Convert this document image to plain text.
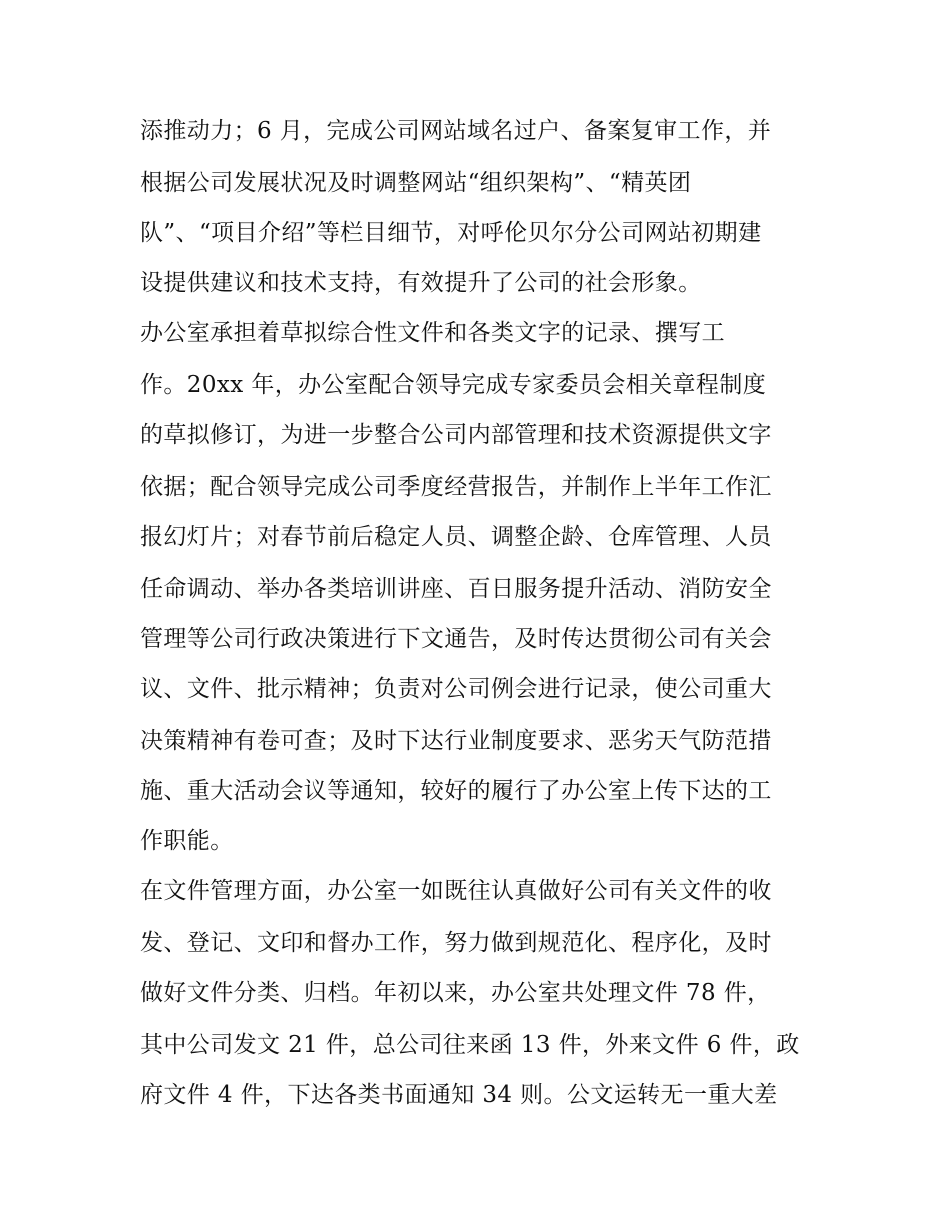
添推动力；6 月，完成公司网站域名过户、备案复审工作，并
根据公司发展状况及时调整网站“组织架构”、“精英团
队”、“项目介绍”等栏目细节，对呼伦贝尔分公司网站初期建
设提供建议和技术支持，有效提升了公司的社会形象。
办公室承担着草拟综合性文件和各类文字的记录、撰写工
作。20xx 年，办公室配合领导完成专家委员会相关章程制度
的草拟修订，为进一步整合公司内部管理和技术资源提供文字
依据；配合领导完成公司季度经营报告，并制作上半年工作汇
报幻灯片；对春节前后稳定人员、调整企龄、仓库管理、人员
任命调动、举办各类培训讲座、百日服务提升活动、消防安全
管理等公司行政决策进行下文通告，及时传达贯彻公司有关会
议、文件、批示精神；负责对公司例会进行记录，使公司重大
决策精神有卷可查；及时下达行业制度要求、恶劣天气防范措
施、重大活动会议等通知，较好的履行了办公室上传下达的工
作职能。
在文件管理方面，办公室一如既往认真做好公司有关文件的收
发、登记、文印和督办工作，努力做到规范化、程序化，及时
做好文件分类、归档。年初以来，办公室共处理文件 78 件，
其中公司发文 21 件，总公司往来函 13 件，外来文件 6 件，政
府文件 4 件，下达各类书面通知 34 则。公文运转无一重大差
